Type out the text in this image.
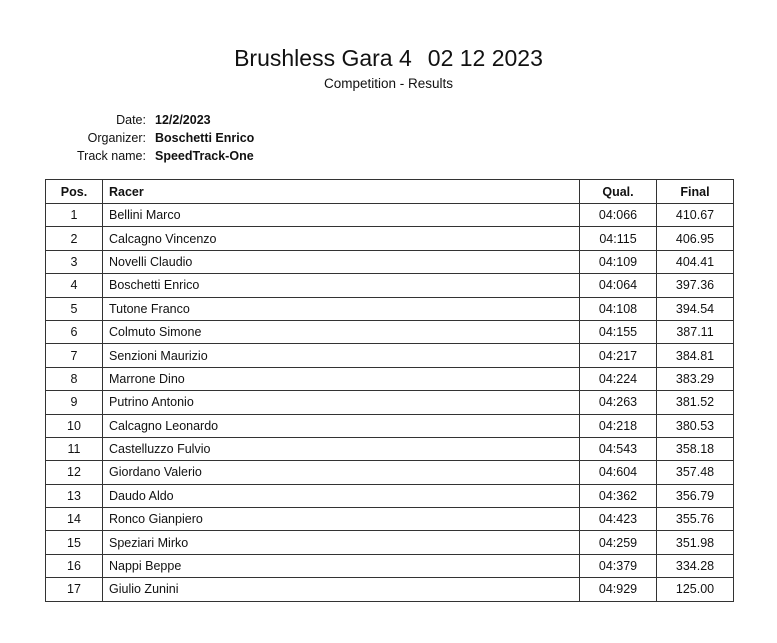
Brushless Gara 4 02 12 2023
Competition - Results
Date: 12/2/2023
Organizer: Boschetti Enrico
Track name: SpeedTrack-One
Pos.	Racer	Qual.	Final
1	Bellini Marco	04:066	410.67
2	Calcagno Vincenzo	04:115	406.95
3	Novelli Claudio	04:109	404.41
4	Boschetti Enrico	04:064	397.36
5	Tutone Franco	04:108	394.54
6	Colmuto Simone	04:155	387.11
7	Senzioni Maurizio	04:217	384.81
8	Marrone Dino	04:224	383.29
9	Putrino Antonio	04:263	381.52
10	Calcagno Leonardo	04:218	380.53
11	Castelluzzo Fulvio	04:543	358.18
12	Giordano Valerio	04:604	357.48
13	Daudo Aldo	04:362	356.79
14	Ronco Gianpiero	04:423	355.76
15	Speziari Mirko	04:259	351.98
16	Nappi Beppe	04:379	334.28
17	Giulio Zunini	04:929	125.00
